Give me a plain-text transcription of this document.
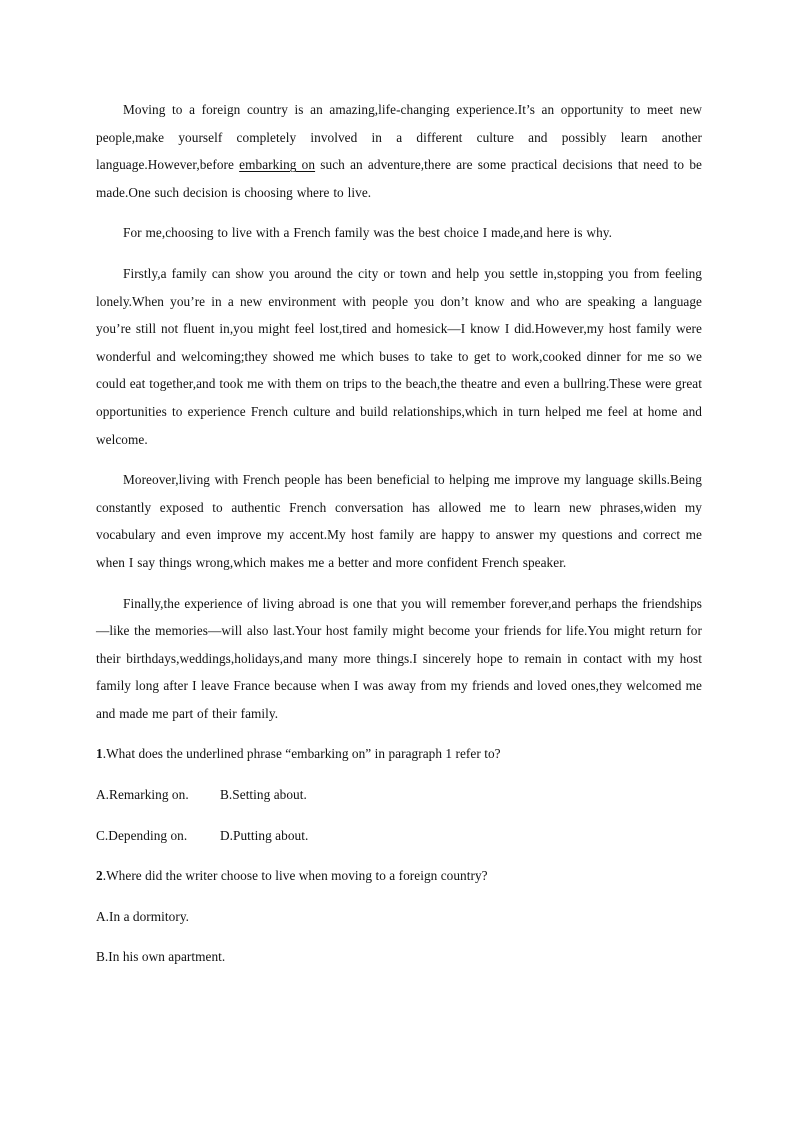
Moving to a foreign country is an amazing,life-changing experience.It’s an opportunity to meet new people,make yourself completely involved in a different culture and possibly learn another language.However,before embarking on such an adventure,there are some practical decisions that need to be made.One such decision is choosing where to live.

For me,choosing to live with a French family was the best choice I made,and here is why.

Firstly,a family can show you around the city or town and help you settle in,stopping you from feeling lonely.When you’re in a new environment with people you don’t know and who are speaking a language you’re still not fluent in,you might feel lost,tired and homesick—I know I did.However,my host family were wonderful and welcoming;they showed me which buses to take to get to work,cooked dinner for me so we could eat together,and took me with them on trips to the beach,the theatre and even a bullring.These were great opportunities to experience French culture and build relationships,which in turn helped me feel at home and welcome.

Moreover,living with French people has been beneficial to helping me improve my language skills.Being constantly exposed to authentic French conversation has allowed me to learn new phrases,widen my vocabulary and even improve my accent.My host family are happy to answer my questions and correct me when I say things wrong,which makes me a better and more confident French speaker.

Finally,the experience of living abroad is one that you will remember forever,and perhaps the friendships—like the memories—will also last.Your host family might become your friends for life.You might return for their birthdays,weddings,holidays,and many more things.I sincerely hope to remain in contact with my host family long after I leave France because when I was away from my friends and loved ones,they welcomed me and made me part of their family.

1.What does the underlined phrase “embarking on” in paragraph 1 refer to?
A.Remarking on. B.Setting about.
C.Depending on. D.Putting about.
2.Where did the writer choose to live when moving to a foreign country?
A.In a dormitory.
B.In his own apartment.
